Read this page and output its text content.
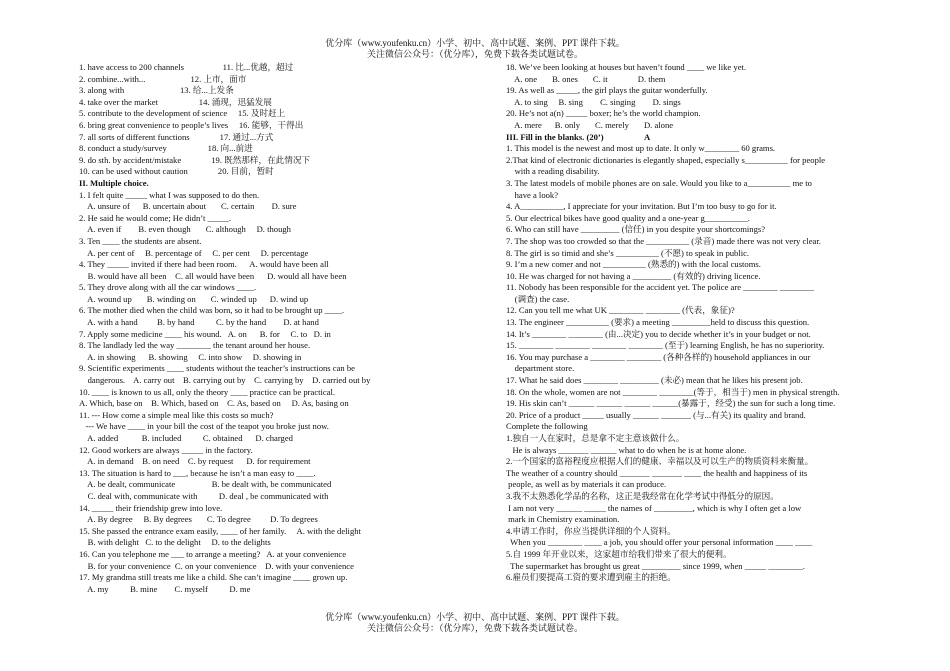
优分库（www.youfenku.cn）小学、初中、高中试题、案例、PPT 课件下载。
关注微信公众号：（优分库），免费下载各类试题试卷。
1. have access to 200 channels                  11. 比...优越，超过
2. combine...with...                     12. 上市，面市
3. along with                          13. 给...上发条
4. take over the market                   14. 涌现，迅猛发展
5. contribute to the development of science     15. 及时赶上
6. bring great convenience to people’s lives     16. 能够，干得出
7. all sorts of different functions              17. 通过...方式
8. conduct a study/survey                   18. 向...前进
9. do sth. by accident/mistake              19. 既然那样，在此情况下
10. can be used without caution              20. 目前，暂时
II. Multiple choice.
1. I felt quite _____ what I was supposed to do then.
A. unsure of      B. uncertain about       C. certain        D. sure
2. He said he would come; He didn’t _____.
A. even if        B. even though       C. although     D. though
3. Ten ____ the students are absent.
A. per cent of     B. percentage of     C. per cent     D. percentage
4. They _____ invited if there had been room.      A. would have been all
B. would have all been    C. all would have been      D. would all have been
5. They drove along with all the car windows ____.
A. wound up       B. winding on       C. winded up      D. wind up
6. The mother died when the child was born, so it had to be brought up ____.
A. with a hand         B. by hand          C. by the hand        D. at hand
7. Apply some medicine ____ his wound.   A. on      B. for     C. to   D. in
8. The landlady led the way ________ the tenant around her house.
A. in showing      B. showing     C. into show     D. showing in
9. Scientific experiments ____ students without the teacher’s instructions can be
dangerous.    A. carry out    B. carrying out by    C. carrying by    D. carried out by
10. ____ is known to us all, only the theory ____ practice can be practical.
A. Which, base on    B. Which, based on    C. As, based on     D. As, basing on
11. --- How come a simple meal like this costs so much?
--- We have ____ in your bill the cost of the teapot you broke just now.
A. added           B. included          C. obtained      D. charged
12. Good workers are always _____ in the factory.
A. in demand    B. on need    C. by request      D. for requirement
13. The situation is hard to ___, because he isn’t a man easy to ____.
A. be dealt, communicate                 B. be dealt with, be communicated
C. deal with, communicate with          D. deal , be communicated with
14. _____ their friendship grew into love.
A. By degree     B. By degrees       C. To degree         D. To degrees
15. She passed the entrance exam easily, ____ of her family.     A. with the delight
B. with delight   C. to the delight     D. to the delights
16. Can you telephone me ___ to arrange a meeting?   A. at your convenience
B. for your convenience  C. on your convenience    D. with your convenience
17. My grandma still treats me like a child. She can’t imagine ____ grown up.
A. my          B. mine        C. myself          D. me
18. We’ve been looking at houses but haven’t found ____ we like yet.
A. one       B. ones       C. it              D. them
19. As well as _____, the girl plays the guitar wonderfully.
A. to sing     B. sing        C. singing        D. sings
20. He’s not a(n) _____ boxer; he’s the world champion.
A. mere      B. only       C. merely       D. alone
III. Fill in the blanks. (20’)                   A
1. This model is the newest and most up to date. It only w________ 60 grams.
2.That kind of electronic dictionaries is elegantly shaped, especially s__________ for people
with a reading disability.
3. The latest models of mobile phones are on sale. Would you like to a__________ me to
have a look?
4. A__________, I appreciate for your invitation. But I’m too busy to go for it.
5. Our electrical bikes have good quality and a one-year g__________.
6. Who can still have _________ (信任) in you despite your shortcomings?
7. The shop was too crowded so that the __________ (录音) made there was not very clear.
8. The girl is so timid and she’s __________ (不愿) to speak in public.
9. I’m a new comer and not __________ (熟悉的) with the local customs.
10. He was charged for not having a _________ (有效的) driving licence.
11. Nobody has been responsible for the accident yet. The police are ________ ________
(调查) the case.
12. Can you tell me what UK ________ ________ (代表，象征)?
13. The engineer __________ (要求) a meeting _________held to discuss this question.
14. It’s ________ ________ (由...决定) you to decide whether it’s in your budget or not.
15. ________ ________ ________ ________ (至于) learning English, he has no superiority.
16. You may purchase a ________ ________ (各种各样的) household appliances in our
department store.
17. What he said does ________ _________ (未必) mean that he likes his present job.
18. On the whole, women are not ________ ________(等于，相当于) men in physical strength.
19. His skin can’t ______ ______ ______ ______(暴露于，经受) the sun for such a long time.
20. Price of a product _____ usually ______ _______ (与...有关) its quality and brand.
Complete the following
1.独自一人在家时，总是拿不定主意该做什么。
He is always _______ ______ what to do when he is at home alone.
2.一个国家的富裕程度应根据人们的健康、幸福以及可以生产的物质资料来衡量。
The weather of a country should _______ _______ ____ the health and happiness of its
people, as well as by materials it can produce.
3.我不太熟悉化学品的名称，这正是我经常在化学考试中得低分的原因。
I am not very ______ _____ the names of _________, which is why I often get a low
mark in Chemistry examination.
4.申请工作时，你应当提供详细的个人资料。
When you ________ ____ a job, you should offer your personal information ____ ____
5.自 1999 年开业以来，这家超市给我们带来了很大的便利。
The supermarket has brought us great _________ since 1999, when _____ ________.
6.雇员们要提高工资的要求遭到雇主的拒绝。
优分库（www.youfenku.cn）小学、初中、高中试题、案例、PPT 课件下载。
关注微信公众号：（优分库），免费下载各类试题试卷。
